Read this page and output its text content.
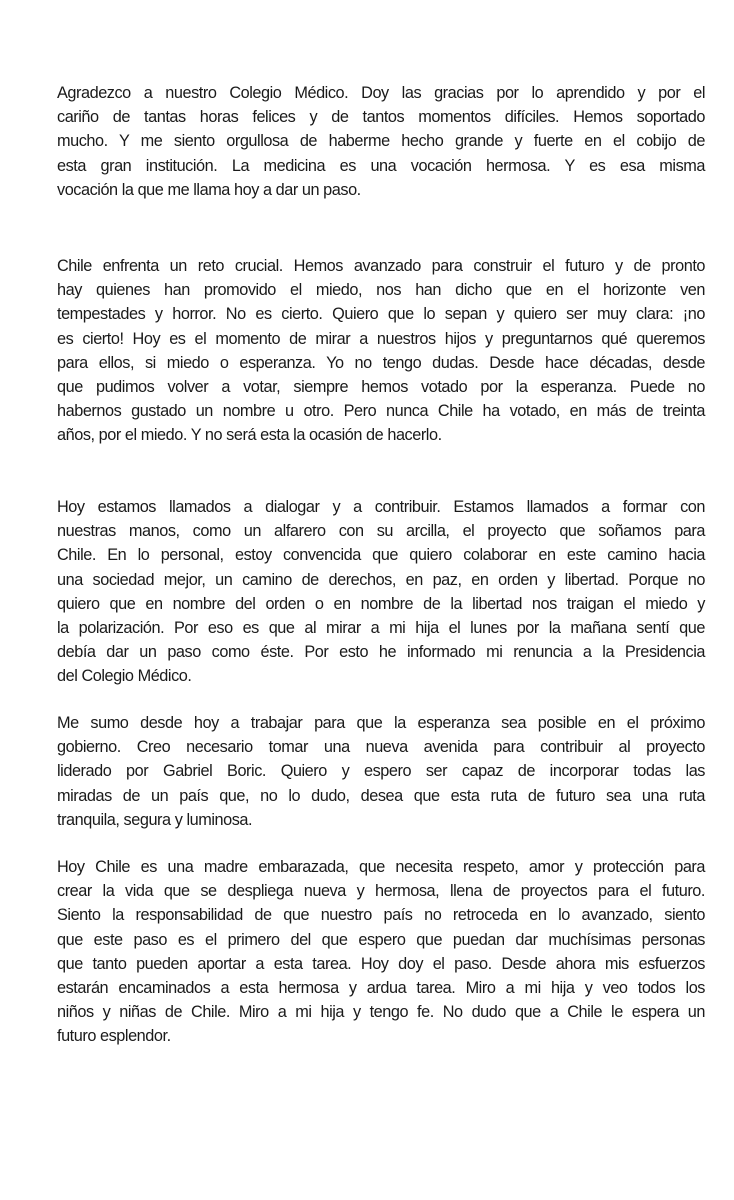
Agradezco a nuestro Colegio Médico. Doy las gracias por lo aprendido y por el
cariño de tantas horas felices y de tantos momentos difíciles. Hemos soportado
mucho. Y me siento orgullosa de haberme hecho grande y fuerte en el cobijo de
esta gran institución. La medicina es una vocación hermosa. Y es esa misma
vocación la que me llama hoy a dar un paso.
Chile enfrenta un reto crucial. Hemos avanzado para construir el futuro y de pronto
hay quienes han promovido el miedo, nos han dicho que en el horizonte ven
tempestades y horror. No es cierto. Quiero que lo sepan y quiero ser muy clara: ¡no
es cierto! Hoy es el momento de mirar a nuestros hijos y preguntarnos qué queremos
para ellos, si miedo o esperanza. Yo no tengo dudas. Desde hace décadas, desde
que pudimos volver a votar, siempre hemos votado por la esperanza. Puede no
habernos gustado un nombre u otro. Pero nunca Chile ha votado, en más de treinta
años, por el miedo. Y no será esta la ocasión de hacerlo.
Hoy estamos llamados a dialogar y a contribuir. Estamos llamados a formar con
nuestras manos, como un alfarero con su arcilla, el proyecto que soñamos para
Chile. En lo personal, estoy convencida que quiero colaborar en este camino hacia
una sociedad mejor, un camino de derechos, en paz, en orden y libertad. Porque no
quiero que en nombre del orden o en nombre de la libertad nos traigan el miedo y
la polarización. Por eso es que al mirar a mi hija el lunes por la mañana sentí que
debía dar un paso como éste. Por esto he informado mi renuncia a la Presidencia
del Colegio Médico.
Me sumo desde hoy a trabajar para que la esperanza sea posible en el próximo
gobierno. Creo necesario tomar una nueva avenida para contribuir al proyecto
liderado por Gabriel Boric. Quiero y espero ser capaz de incorporar todas las
miradas de un país que, no lo dudo, desea que esta ruta de futuro sea una ruta
tranquila, segura y luminosa.
Hoy Chile es una madre embarazada, que necesita respeto, amor y protección para
crear la vida que se despliega nueva y hermosa, llena de proyectos para el futuro.
Siento la responsabilidad de que nuestro país no retroceda en lo avanzado, siento
que este paso es el primero del que espero que puedan dar muchísimas personas
que tanto pueden aportar a esta tarea. Hoy doy el paso. Desde ahora mis esfuerzos
estarán encaminados a esta hermosa y ardua tarea. Miro a mi hija y veo todos los
niños y niñas de Chile. Miro a mi hija y tengo fe. No dudo que a Chile le espera un
futuro esplendor.
